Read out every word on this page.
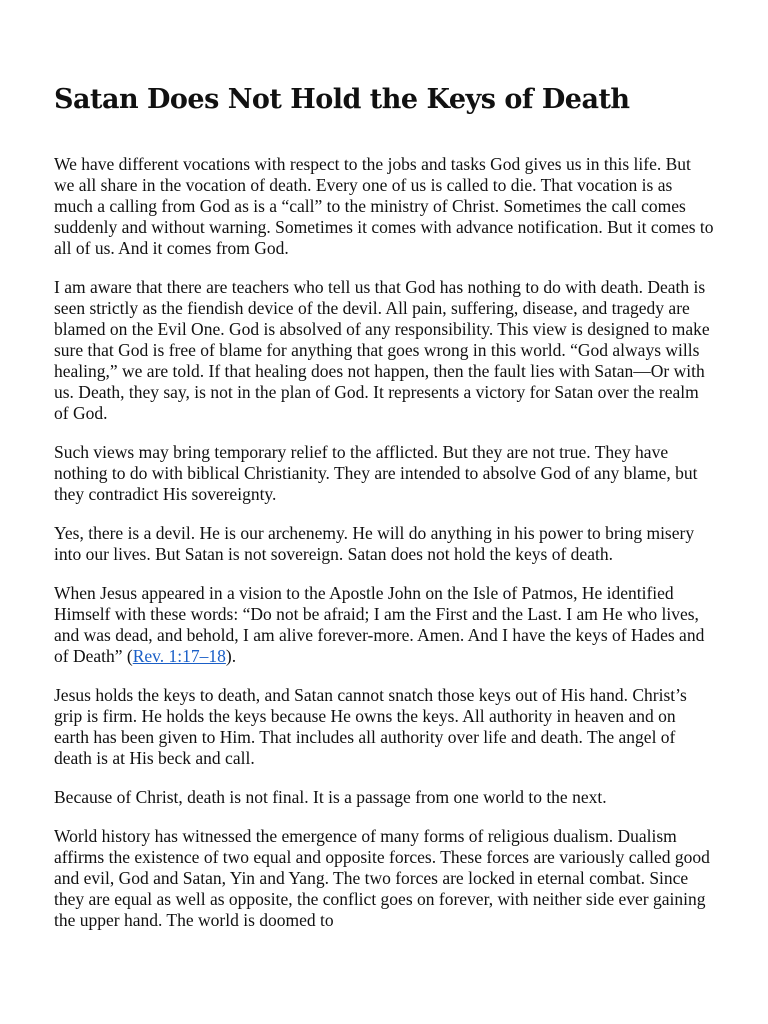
Satan Does Not Hold the Keys of Death

We have different vocations with respect to the jobs and tasks God gives us in this life. But we all share in the vocation of death. Every one of us is called to die. That vocation is as much a calling from God as is a “call” to the ministry of Christ. Sometimes the call comes suddenly and without warning. Sometimes it comes with advance notification. But it comes to all of us. And it comes from God.

I am aware that there are teachers who tell us that God has nothing to do with death. Death is seen strictly as the fiendish device of the devil. All pain, suffering, disease, and tragedy are blamed on the Evil One. God is absolved of any responsibility. This view is designed to make sure that God is free of blame for anything that goes wrong in this world. “God always wills healing,” we are told. If that healing does not happen, then the fault lies with Satan—Or with us. Death, they say, is not in the plan of God. It represents a victory for Satan over the realm of God.

Such views may bring temporary relief to the afflicted. But they are not true. They have nothing to do with biblical Christianity. They are intended to absolve God of any blame, but they contradict His sovereignty.

Yes, there is a devil. He is our archenemy. He will do anything in his power to bring misery into our lives. But Satan is not sovereign. Satan does not hold the keys of death.

When Jesus appeared in a vision to the Apostle John on the Isle of Patmos, He identified Himself with these words: “Do not be afraid; I am the First and the Last. I am He who lives, and was dead, and behold, I am alive forever-more. Amen. And I have the keys of Hades and of Death” (Rev. 1:17–18).

Jesus holds the keys to death, and Satan cannot snatch those keys out of His hand. Christ’s grip is firm. He holds the keys because He owns the keys. All authority in heaven and on earth has been given to Him. That includes all authority over life and death. The angel of death is at His beck and call.

Because of Christ, death is not final. It is a passage from one world to the next.

World history has witnessed the emergence of many forms of religious dualism. Dualism affirms the existence of two equal and opposite forces. These forces are variously called good and evil, God and Satan, Yin and Yang. The two forces are locked in eternal combat. Since they are equal as well as opposite, the conflict goes on forever, with neither side ever gaining the upper hand. The world is doomed to
